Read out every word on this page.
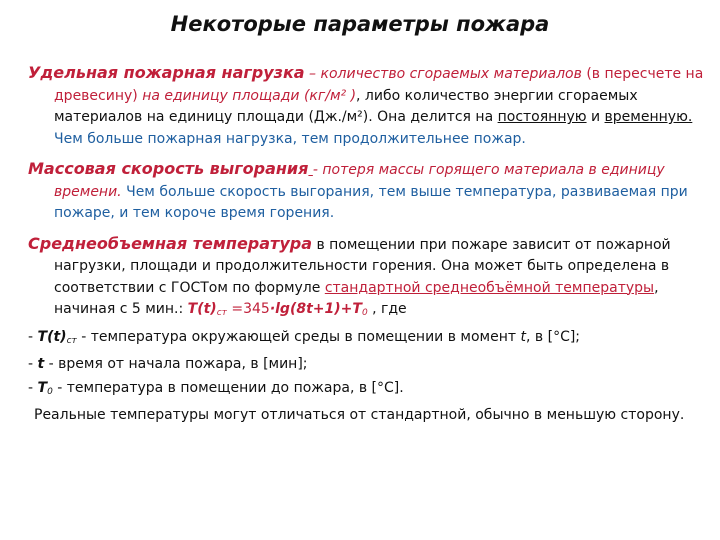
Некоторые параметры пожара

Удельная пожарная нагрузка – количество сгораемых материалов (в пересчете на древесину) на единицу площади (кг/м² ), либо количество энергии сгораемых материалов на единицу площади (Дж./м²). Она делится на постоянную и временную. Чем больше пожарная нагрузка, тем продолжительнее пожар.

Массовая скорость выгорания - потеря массы горящего материала в единицу времени. Чем больше скорость выгорания, тем выше температура, развиваемая при пожаре, и тем короче время горения.

Среднеобъемная температура в помещении при пожаре зависит от пожарной нагрузки, площади и продолжительности горения. Она может быть определена в соответствии с ГОСТом по формуле стандартной среднеобъёмной температуры, начиная с 5 мин.: $T(t)_{ст} =345\cdot\lg(8t+1)+T_0$ , где

- $T(t)_{ст}$ - температура окружающей среды в помещении в момент t, в [°С];

- t - время от начала пожара, в [мин];

- $T_0$ - температура в помещении до пожара, в [°С].

Реальные температуры могут отличаться от стандартной, обычно в меньшую сторону.
